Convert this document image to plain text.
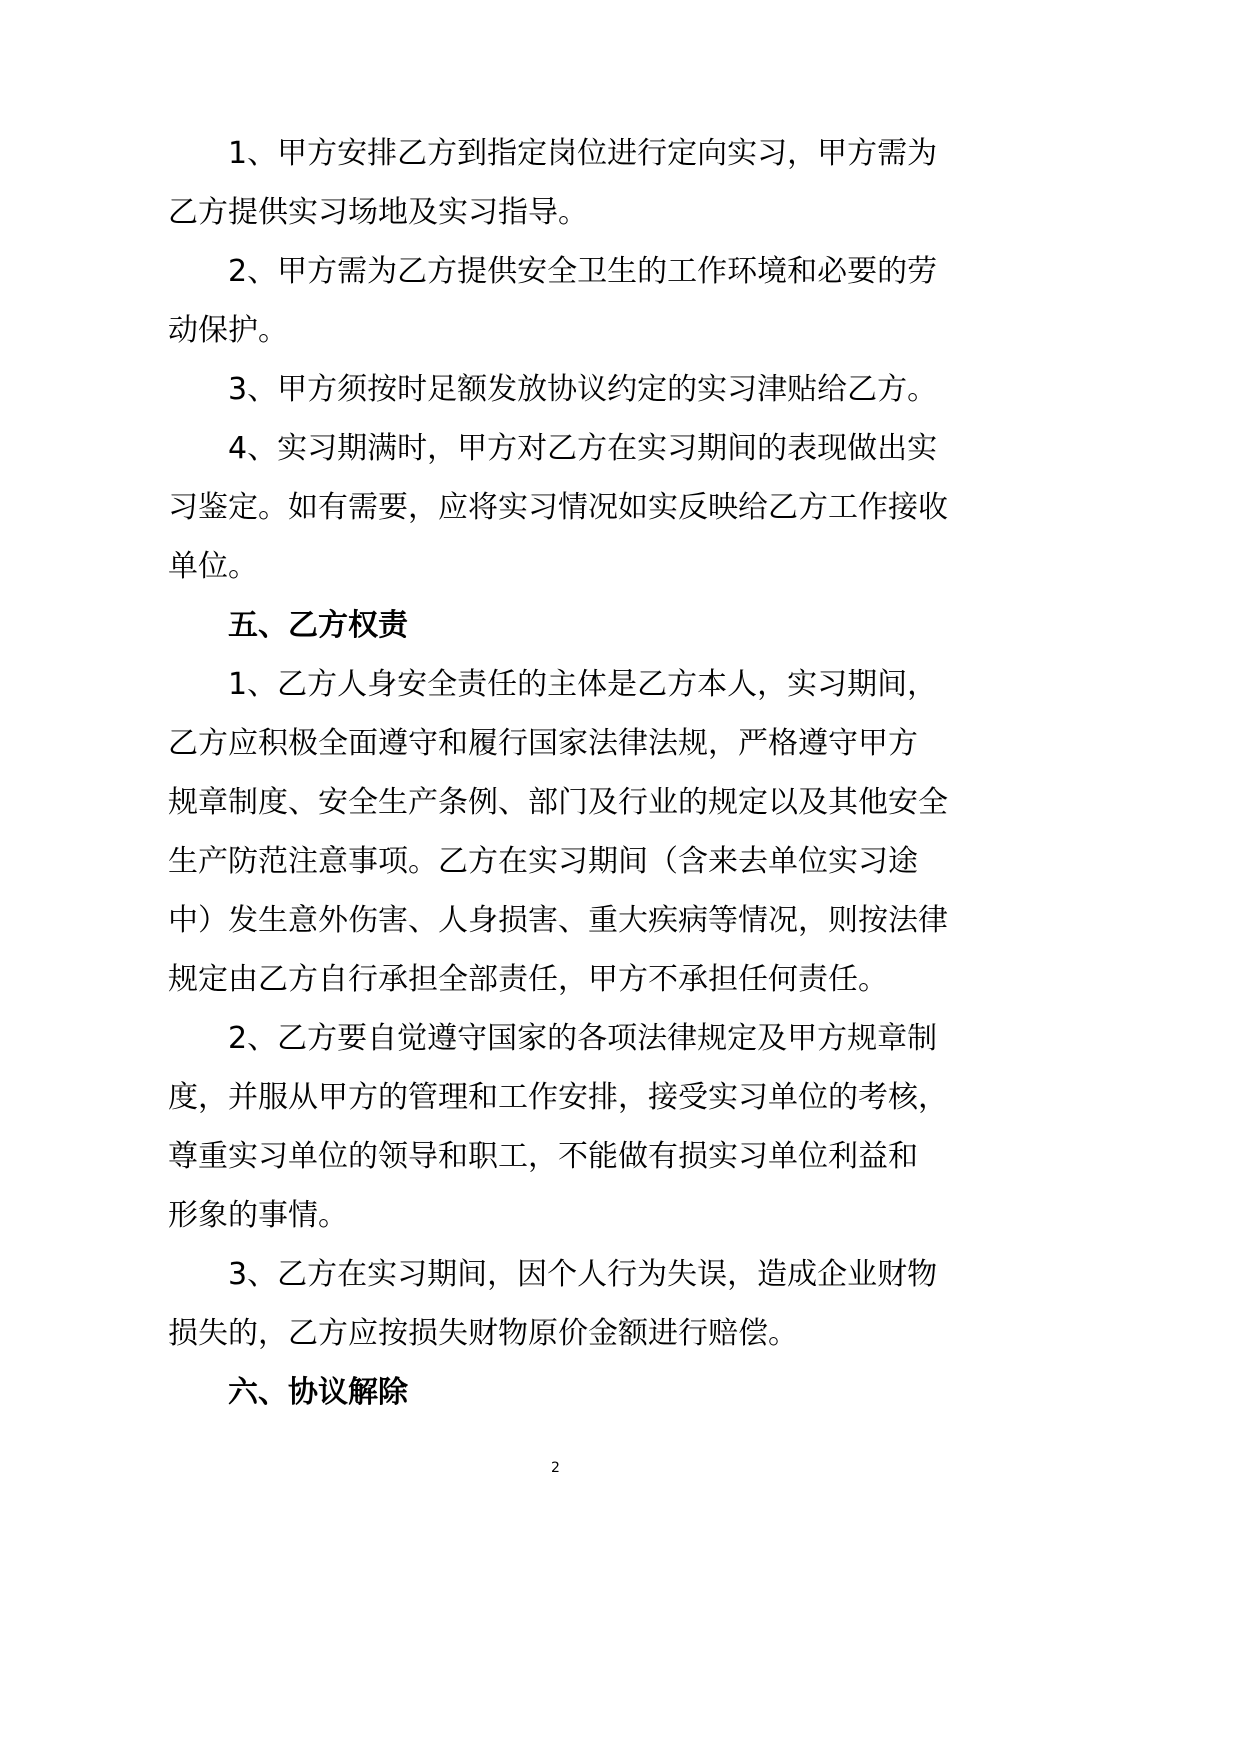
1、甲方安排乙方到指定岗位进行定向实习，甲方需为
乙方提供实习场地及实习指导。
2、甲方需为乙方提供安全卫生的工作环境和必要的劳
动保护。
3、甲方须按时足额发放协议约定的实习津贴给乙方。
4、实习期满时，甲方对乙方在实习期间的表现做出实
习鉴定。如有需要，应将实习情况如实反映给乙方工作接收
单位。
五、乙方权责
1、乙方人身安全责任的主体是乙方本人，实习期间，
乙方应积极全面遵守和履行国家法律法规，严格遵守甲方
规章制度、安全生产条例、部门及行业的规定以及其他安全
生产防范注意事项。乙方在实习期间（含来去单位实习途
中）发生意外伤害、人身损害、重大疾病等情况，则按法律
规定由乙方自行承担全部责任，甲方不承担任何责任。
2、乙方要自觉遵守国家的各项法律规定及甲方规章制
度，并服从甲方的管理和工作安排，接受实习单位的考核，
尊重实习单位的领导和职工，不能做有损实习单位利益和
形象的事情。
3、乙方在实习期间，因个人行为失误，造成企业财物
损失的，乙方应按损失财物原价金额进行赔偿。
六、协议解除
2
